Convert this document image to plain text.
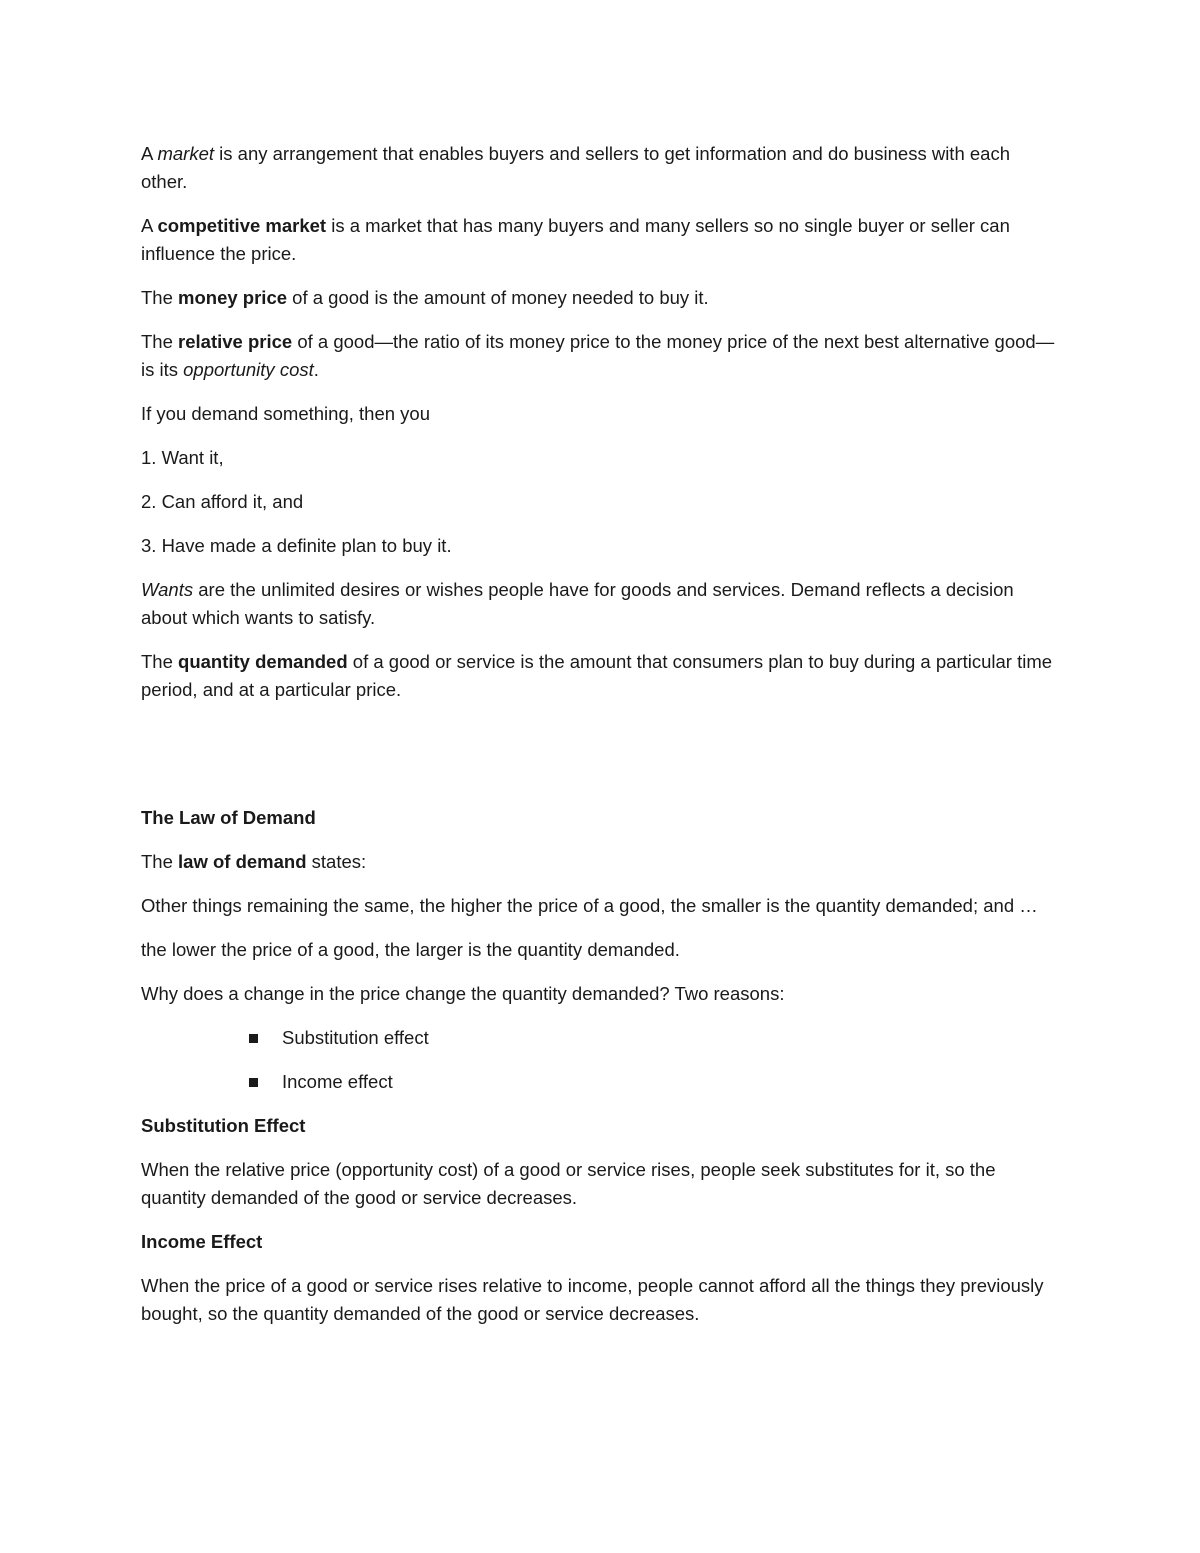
A market is any arrangement that enables buyers and sellers to get information and do business with each other.

A competitive market is a market that has many buyers and many sellers so no single buyer or seller can influence the price.

The money price of a good is the amount of money needed to buy it.

The relative price of a good—the ratio of its money price to the money price of the next best alternative good—is its opportunity cost.

If you demand something, then you

1. Want it,

2. Can afford it, and

3. Have made a definite plan to buy it.

Wants are the unlimited desires or wishes people have for goods and services. Demand reflects a decision about which wants to satisfy.

The quantity demanded of a good or service is the amount that consumers plan to buy during a particular time period, and at a particular price.

The Law of Demand

The law of demand states:

Other things remaining the same, the higher the price of a good, the smaller is the quantity demanded; and …

the lower the price of a good, the larger is the quantity demanded.

Why does a change in the price change the quantity demanded? Two reasons:

Substitution effect
Income effect

Substitution Effect

When the relative price (opportunity cost) of a good or service rises, people seek substitutes for it, so the quantity demanded of the good or service decreases.

Income Effect

When the price of a good or service rises relative to income, people cannot afford all the things they previously bought, so the quantity demanded of the good or service decreases.
